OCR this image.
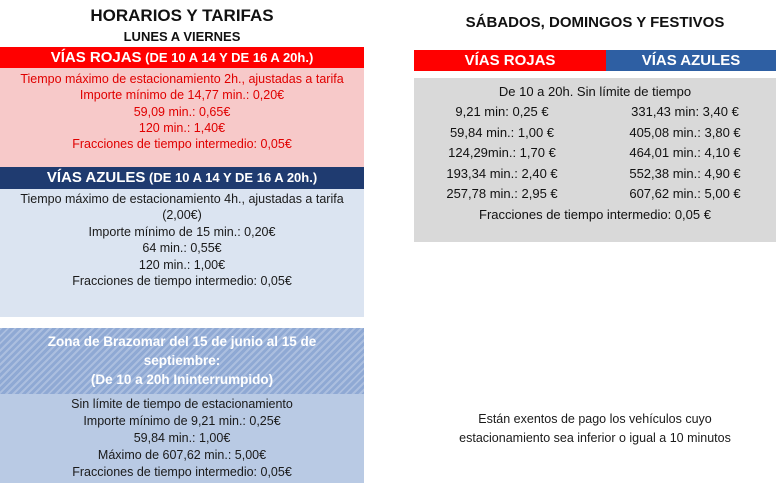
HORARIOS Y TARIFAS
LUNES A VIERNES
VÍAS ROJAS (DE 10 A 14 Y DE 16 A 20h.)
Tiempo máximo de estacionamiento 2h., ajustadas a tarifa
Importe mínimo de 14,77 min.: 0,20€
59,09 min.: 0,65€
120 min.: 1,40€
Fracciones de tiempo intermedio: 0,05€
VÍAS AZULES (DE 10 A 14 Y DE 16 A 20h.)
Tiempo máximo de estacionamiento 4h., ajustadas a tarifa
(2,00€)
Importe mínimo de 15 min.: 0,20€
64 min.: 0,55€
120 min.: 1,00€
Fracciones de tiempo intermedio: 0,05€
Zona de Brazomar del 15 de junio al 15 de
septiembre:
(De 10 a 20h Ininterrumpido)
Sin límite de tiempo de estacionamiento
Importe mínimo de 9,21 min.: 0,25€
59,84 min.: 1,00€
Máximo de 607,62 min.: 5,00€
Fracciones de tiempo intermedio: 0,05€
SÁBADOS, DOMINGOS Y FESTIVOS
VÍAS ROJAS	VÍAS AZULES
De 10 a 20h. Sin límite de tiempo
9,21 min: 0,25 €	331,43 min: 3,40 €
59,84 min.: 1,00 €	405,08 min.: 3,80 €
124,29min.: 1,70 €	464,01 min.: 4,10 €
193,34 min.: 2,40 €	552,38 min.: 4,90 €
257,78 min.: 2,95 €	607,62 min.: 5,00 €
Fracciones de tiempo intermedio: 0,05 €
Están exentos de pago los vehículos cuyo
estacionamiento sea inferior o igual a 10 minutos
